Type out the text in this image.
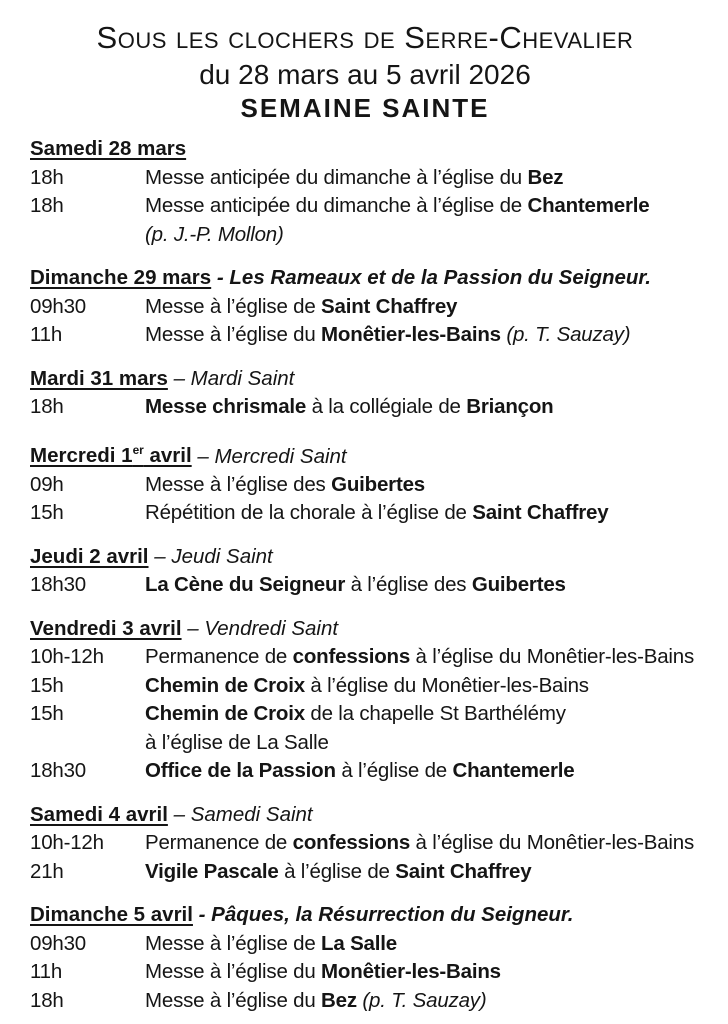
Sous les clochers de Serre-Chevalier
du 28 mars au 5 avril 2026
SEMAINE SAINTE
Samedi 28 mars
18h	Messe anticipée du dimanche à l’église du Bez
18h	Messe anticipée du dimanche à l’église de Chantemerle
(p. J.-P. Mollon)
Dimanche 29 mars - Les Rameaux et de la Passion du Seigneur.
09h30	Messe à l’église de Saint Chaffrey
11h	Messe à l’église du Monêtier-les-Bains (p. T. Sauzay)
Mardi 31 mars – Mardi Saint
18h	Messe chrismale à la collégiale de Briançon
Mercredi 1er avril – Mercredi Saint
09h	Messe à l’église des Guibertes
15h	Répétition de la chorale à l’église de Saint Chaffrey
Jeudi 2 avril – Jeudi Saint
18h30	La Cène du Seigneur à l’église des Guibertes
Vendredi 3 avril – Vendredi Saint
10h-12h	Permanence de confessions à l’église du Monêtier-les-Bains
15h	Chemin de Croix à l’église du Monêtier-les-Bains
15h	Chemin de Croix de la chapelle St Barthélémy
à l’église de La Salle
18h30	Office de la Passion à l’église de Chantemerle
Samedi 4 avril – Samedi Saint
10h-12h	Permanence de confessions à l’église du Monêtier-les-Bains
21h	Vigile Pascale à l’église de Saint Chaffrey
Dimanche 5 avril - Pâques, la Résurrection du Seigneur.
09h30	Messe à l’église de La Salle
11h	Messe à l’église du Monêtier-les-Bains
18h	Messe à l’église du Bez (p. T. Sauzay)
